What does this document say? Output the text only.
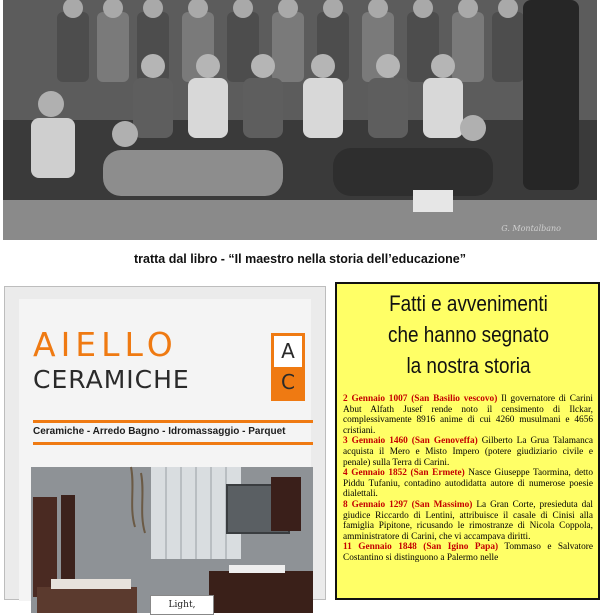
G. Montalbano
tratta dal libro - “Il maestro nella storia dell’educazione”
AIELLO
CERAMICHE
A
C
Ceramiche - Arredo Bagno - Idromassaggio - Parquet
Light,
Fatti e avvenimenti
che hanno segnato
la nostra storia
2 Gennaio 1007 (San Basilio vescovo) Il governatore di Carini Abut Alfath Jusef rende noto il censimento di Ilckar, complessivamente 8916 anime di cui 4260 musulmani e 4656 cristiani.
3 Gennaio 1460 (San Genoveffa) Gilberto La Grua Talamanca acquista il Mero e Misto Impero (potere giudiziario civile e penale) sulla Terra di Carini.
4 Gennaio 1852 (San Ermete) Nasce Giuseppe Taormina, detto Piddu Tufaniu, contadino autodidatta autore di numerose poesie dialettali.
8 Gennaio 1297 (San Massimo) La Gran Corte, presieduta dal giudice Riccardo di Lentini, attribuisce il casale di Cinisi alla famiglia Pipitone, ricusando le rimostranze di Nicola Coppola, amministratore di Carini, che vi accampava diritti.
11 Gennaio 1848 (San Igino Papa) Tommaso e Salvatore Costantino si distinguono a Palermo nelle
